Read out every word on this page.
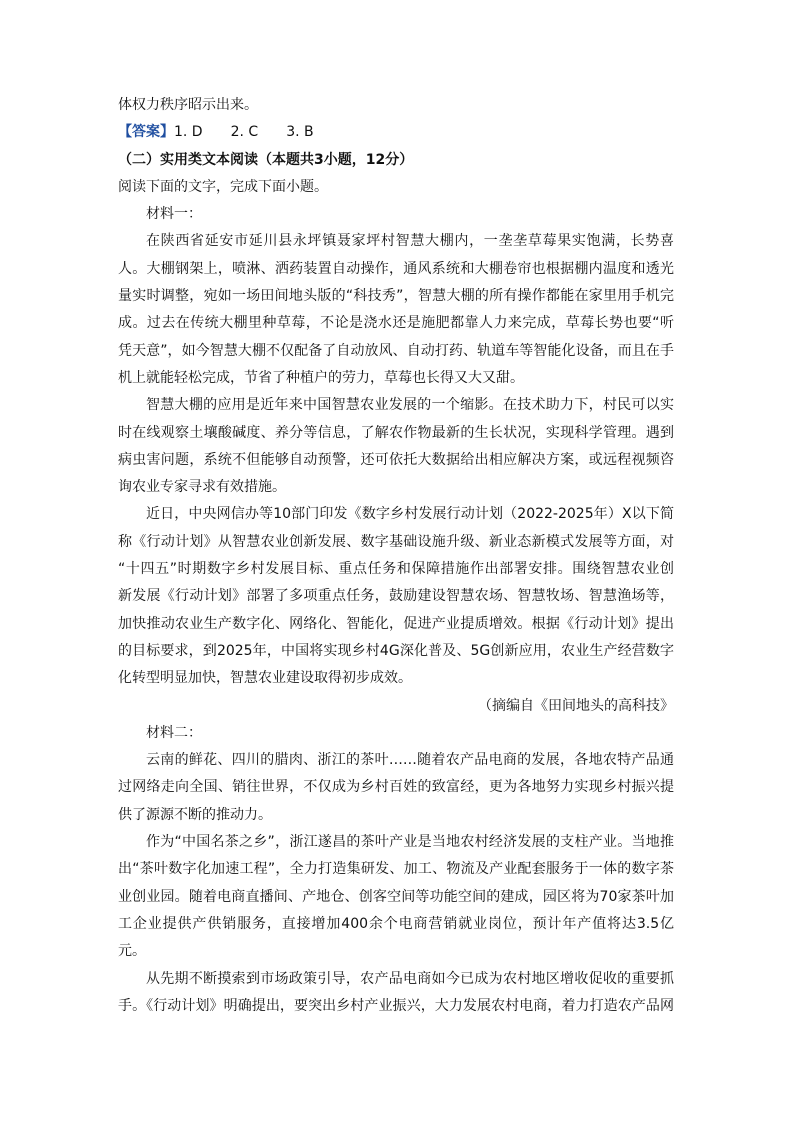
体权力秩序昭示出来。
【答案】1. D 2. C 3. B
（二）实用类文本阅读（本题共3小题，12分）
阅读下面的文字，完成下面小题。
材料一：
在陕西省延安市延川县永坪镇聂家坪村智慧大棚内，一垄垄草莓果实饱满，长势喜
人。大棚钢架上，喷淋、洒药装置自动操作，通风系统和大棚卷帘也根据棚内温度和透光
量实时调整，宛如一场田间地头版的“科技秀”，智慧大棚的所有操作都能在家里用手机完
成。过去在传统大棚里种草莓，不论是浇水还是施肥都靠人力来完成，草莓长势也要“听
凭天意”，如今智慧大棚不仅配备了自动放风、自动打药、轨道车等智能化设备，而且在手
机上就能轻松完成，节省了种植户的劳力，草莓也长得又大又甜。
智慧大棚的应用是近年来中国智慧农业发展的一个缩影。在技术助力下，村民可以实
时在线观察土壤酸碱度、养分等信息，了解农作物最新的生长状况，实现科学管理。遇到
病虫害问题，系统不但能够自动预警，还可依托大数据给出相应解决方案，或远程视频咨
询农业专家寻求有效措施。
近日，中央网信办等10部门印发《数字乡村发展行动计划（2022-2025年）X以下简
称《行动计划》从智慧农业创新发展、数字基础设施升级、新业态新模式发展等方面，对
“十四五”时期数字乡村发展目标、重点任务和保障措施作出部署安排。围绕智慧农业创
新发展《行动计划》部署了多项重点任务，鼓励建设智慧农场、智慧牧场、智慧渔场等，
加快推动农业生产数字化、网络化、智能化，促进产业提质增效。根据《行动计划》提出
的目标要求，到2025年，中国将实现乡村4G深化普及、5G创新应用，农业生产经营数字
化转型明显加快，智慧农业建设取得初步成效。
（摘编自《田间地头的高科技》
材料二：
云南的鲜花、四川的腊肉、浙江的茶叶……随着农产品电商的发展，各地农特产品通
过网络走向全国、销往世界，不仅成为乡村百姓的致富经，更为各地努力实现乡村振兴提
供了源源不断的推动力。
作为“中国名茶之乡”，浙江遂昌的茶叶产业是当地农村经济发展的支柱产业。当地推
出“茶叶数字化加速工程”，全力打造集研发、加工、物流及产业配套服务于一体的数字茶
业创业园。随着电商直播间、产地仓、创客空间等功能空间的建成，园区将为70家茶叶加
工企业提供产供销服务，直接增加400余个电商营销就业岗位，预计年产值将达3.5亿
元。
从先期不断摸索到市场政策引导，农产品电商如今已成为农村地区增收促收的重要抓
手。《行动计划》明确提出，要突出乡村产业振兴，大力发展农村电商，着力打造农产品网
